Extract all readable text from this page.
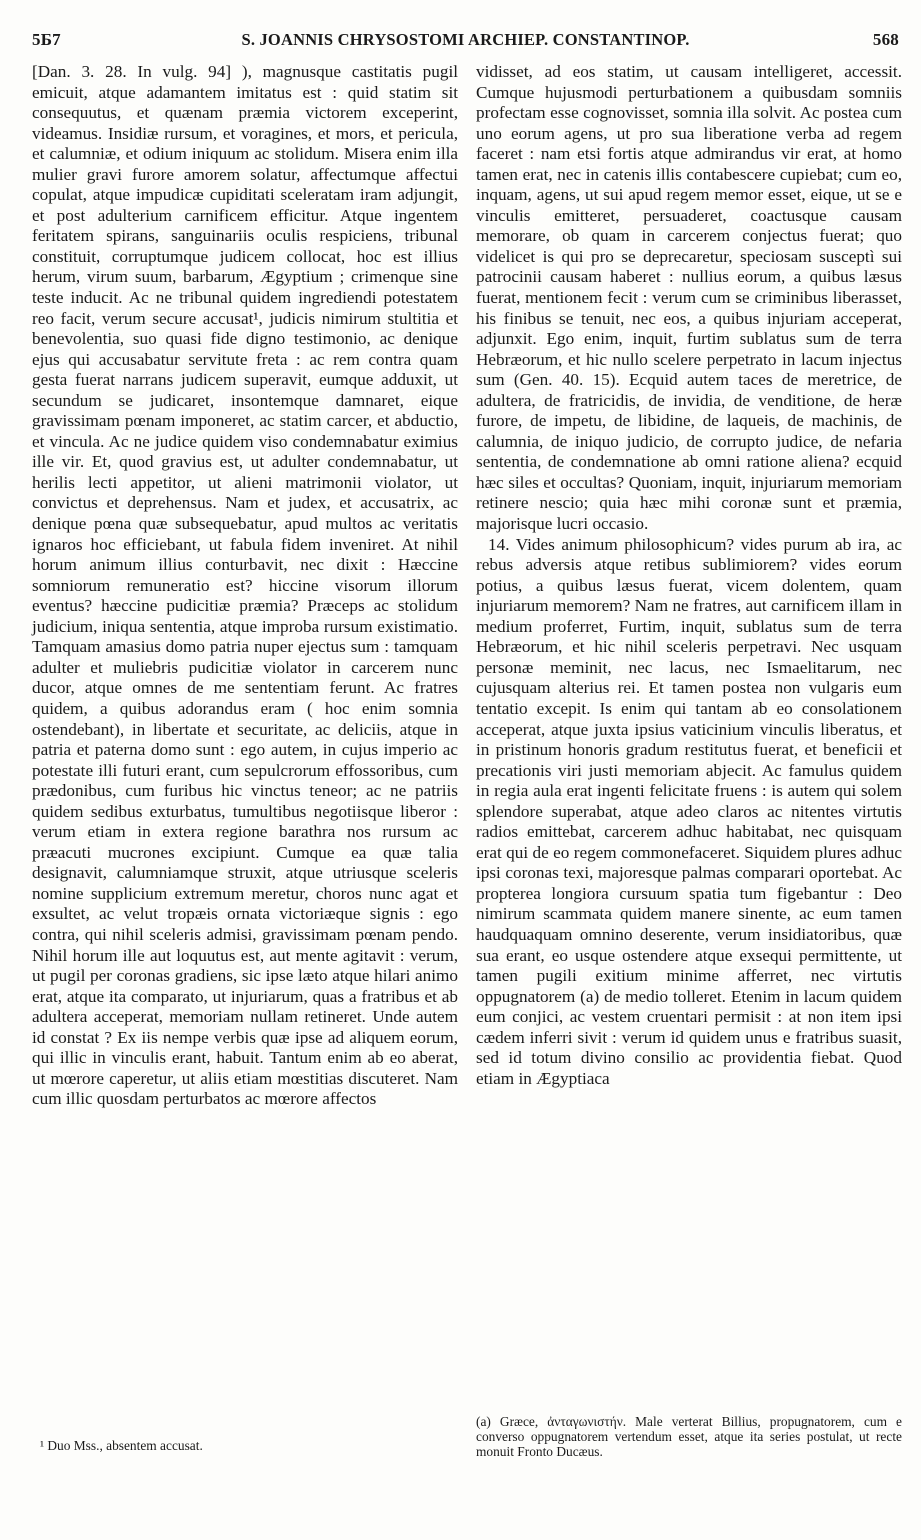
5Б7	S. JOANNIS CHRYSOSTOMI ARCHIEP. CONSTANTINOP.	568

[Dan. 3. 28. In vulg. 94] ), magnusque castitatis pugil emicuit, atque adamantem imitatus est : quid statim sit consequutus, et quænam præmia victorem exceperint, videamus. Insidiæ rursum, et voragines, et mors, et pericula, et calumniæ, et odium iniquum ac stolidum. Misera enim illa mulier gravi furore amorem solatur, affectumque affectui copulat, atque impudicæ cupiditati sceleratam iram adjungit, et post adulterium carnificem efficitur. Atque ingentem feritatem spirans, sanguinariis oculis respiciens, tribunal constituit, corruptumque judicem collocat, hoc est illius herum, virum suum, barbarum, Ægyptium ; crimenque sine teste inducit. Ac ne tribunal quidem ingrediendi potestatem reo facit, verum secure accusat¹, judicis nimirum stultitia et benevolentia, suo quasi fide digno testimonio, ac denique ejus qui accusabatur servitute freta : ac rem contra quam gesta fuerat narrans judicem superavit, eumque adduxit, ut secundum se judicaret, insontemque damnaret, eique gravissimam pœnam imponeret, ac statim carcer, et abductio, et vincula. Ac ne judice quidem viso condemnabatur eximius ille vir. Et, quod gravius est, ut adulter condemnabatur, ut herilis lecti appetitor, ut alieni matrimonii violator, ut convictus et deprehensus. Nam et judex, et accusatrix, ac denique pœna quæ subsequebatur, apud multos ac veritatis ignaros hoc efficiebant, ut fabula fidem inveniret. At nihil horum animum illius conturbavit, nec dixit : Hæccine somniorum remuneratio est? hiccine visorum illorum eventus? hæccine pudicitiæ præmia? Præceps ac stolidum judicium, iniqua sententia, atque improba rursum existimatio. Tamquam amasius domo patria nuper ejectus sum : tamquam adulter et muliebris pudicitiæ violator in carcerem nunc ducor, atque omnes de me sententiam ferunt. Ac fratres quidem, a quibus adorandus eram ( hoc enim somnia ostendebant), in libertate et securitate, ac deliciis, atque in patria et paterna domo sunt : ego autem, in cujus imperio ac potestate illi futuri erant, cum sepulcrorum effossoribus, cum prædonibus, cum furibus hic vinctus teneor; ac ne patriis quidem sedibus exturbatus, tumultibus negotiisque liberor : verum etiam in extera regione barathra nos rursum ac præacuti mucrones excipiunt. Cumque ea quæ talia designavit, calumniamque struxit, atque utriusque sceleris nomine supplicium extremum meretur, choros nunc agat et exsultet, ac velut tropæis ornata victoriæque signis : ego contra, qui nihil sceleris admisi, gravissimam pœnam pendo. Nihil horum ille aut loquutus est, aut mente agitavit : verum, ut pugil per coronas gradiens, sic ipse læto atque hilari animo erat, atque ita comparato, ut injuriarum, quas a fratribus et ab adultera acceperat, memoriam nullam retineret. Unde autem id constat ? Ex iis nempe verbis quæ ipse ad aliquem eorum, qui illic in vinculis erant, habuit. Tantum enim ab eo aberat, ut mœrore caperetur, ut aliis etiam mœstitias discuteret. Nam cum illic quosdam perturbatos ac mœrore affectos

¹ Duo Mss., absentem accusat.

vidisset, ad eos statim, ut causam intelligeret, accessit. Cumque hujusmodi perturbationem a quibusdam somniis profectam esse cognovisset, somnia illa solvit. Ac postea cum uno eorum agens, ut pro sua liberatione verba ad regem faceret : nam etsi fortis atque admirandus vir erat, at homo tamen erat, nec in catenis illis contabescere cupiebat; cum eo, inquam, agens, ut sui apud regem memor esset, eique, ut se e vinculis emitteret, persuaderet, coactusque causam memorare, ob quam in carcerem conjectus fuerat; quo videlicet is qui pro se deprecaretur, speciosam susceptì sui patrocinii causam haberet : nullius eorum, a quibus læsus fuerat, mentionem fecit : verum cum se criminibus liberasset, his finibus se tenuit, nec eos, a quibus injuriam acceperat, adjunxit. Ego enim, inquit, furtim sublatus sum de terra Hebræorum, et hic nullo scelere perpetrato in lacum injectus sum (Gen. 40. 15). Ecquid autem taces de meretrice, de adultera, de fratricidis, de invidia, de venditione, de heræ furore, de impetu, de libidine, de laqueis, de machinis, de calumnia, de iniquo judicio, de corrupto judice, de nefaria sententia, de condemnatione ab omni ratione aliena? ecquid hæc siles et occultas? Quoniam, inquit, injuriarum memoriam retinere nescio; quia hæc mihi coronæ sunt et præmia, majorisque lucri occasio.

14. Vides animum philosophicum? vides purum ab ira, ac rebus adversis atque retibus sublimiorem? vides eorum potius, a quibus læsus fuerat, vicem dolentem, quam injuriarum memorem? Nam ne fratres, aut carnificem illam in medium proferret, Furtim, inquit, sublatus sum de terra Hebræorum, et hic nihil sceleris perpetravi. Nec usquam personæ meminit, nec lacus, nec Ismaelitarum, nec cujusquam alterius rei. Et tamen postea non vulgaris eum tentatio excepit. Is enim qui tantam ab eo consolationem acceperat, atque juxta ipsius vaticinium vinculis liberatus, et in pristinum honoris gradum restitutus fuerat, et beneficii et precationis viri justi memoriam abjecit. Ac famulus quidem in regia aula erat ingenti felicitate fruens : is autem qui solem splendore superabat, atque adeo claros ac nitentes virtutis radios emittebat, carcerem adhuc habitabat, nec quisquam erat qui de eo regem commonefaceret. Siquidem plures adhuc ipsi coronas texi, majoresque palmas comparari oportebat. Ac propterea longiora cursuum spatia tum figebantur : Deo nimirum scammata quidem manere sinente, ac eum tamen haudquaquam omnino deserente, verum insidiatoribus, quæ sua erant, eo usque ostendere atque exsequi permittente, ut tamen pugili exitium minime afferret, nec virtutis oppugnatorem (a) de medio tolleret. Etenim in lacum quidem eum conjici, ac vestem cruentari permisit : at non item ipsi cædem inferri sivit : verum id quidem unus e fratribus suasit, sed id totum divino consilio ac providentia fiebat. Quod etiam in Ægyptiaca

(a) Græce, ἀνταγωνιστήν. Male verterat Billius, propugnatorem, cum e converso oppugnatorem vertendum esset, atque ita series postulat, ut recte monuit Fronto Ducæus.
